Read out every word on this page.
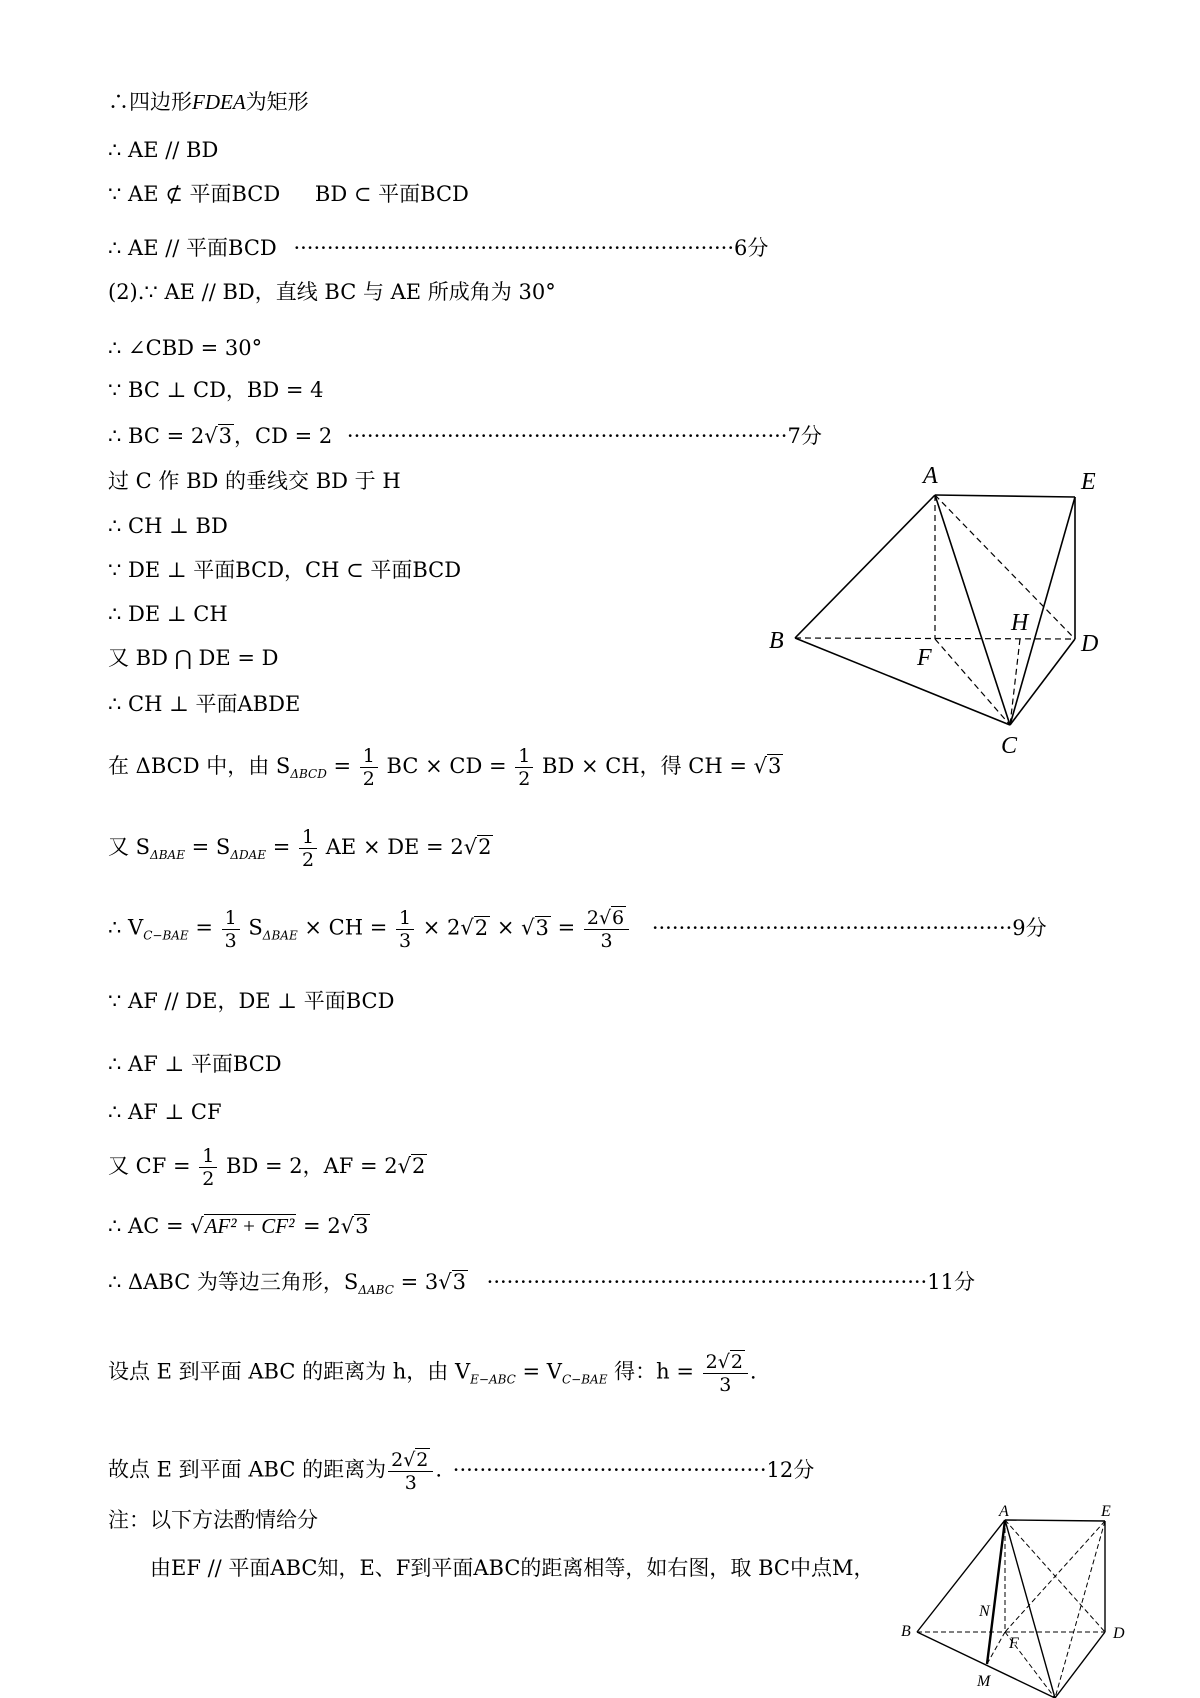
∴四边形FDEA为矩形
∴ AE // BD
∵ AE ⊄ 平面BCD BD ⊂ 平面BCD
∴ AE // 平面BCD ··································································6分
(2).∵ AE // BD，直线 BC 与 AE 所成角为 30°
∴ ∠CBD = 30°
∵ BC ⊥ CD，BD = 4
∴ BC = 2√3，CD = 2 ··································································7分
过 C 作 BD 的垂线交 BD 于 H
∴ CH ⊥ BD
∵ DE ⊥ 平面BCD，CH ⊂ 平面BCD
∴ DE ⊥ CH
又 BD ⋂ DE = D
∴ CH ⊥ 平面ABDE
在 ΔBCD 中，由 $S_{\Delta BCD} = \frac{1}{2}$ BC × CD = $\frac{1}{2}$ BD × CH，得 CH = √3
又 $S_{\Delta BAE} = S_{\Delta DAE} = \frac{1}{2}$ AE × DE = 2√2
∴ $V_{C-BAE} = \frac{1}{3} S_{\Delta BAE}$ × CH = $\frac{1}{3} \times 2√2 \times √3 = \frac{2√6}{3} \cdot\cdot\cdot\cdot\cdot\cdot\cdot\cdot\cdot\cdot\cdot\cdot\cdot\cdot\cdot\cdot\cdot\cdot\cdot\cdot\cdot\cdot\cdot\cdot\cdot\cdot\cdot\cdot\cdot\cdot\cdot\cdot\cdot\cdot\cdot\cdot\cdot\cdot\cdot\cdot\cdot\cdot\cdot\cdot\cdot\cdot\cdot\cdot\cdot\cdot\cdot\cdot\cdot\cdot 9$分
∵ AF // DE，DE ⊥ 平面BCD
∴ AF ⊥ 平面BCD
∴ AF ⊥ CF
又 CF = $\frac{1}{2}$ BD = 2，AF = 2√2
∴ AC = √AF² + CF² = 2√3
∴ ΔABC 为等边三角形，$S_{\Delta ABC} = 3√3 \cdot\cdot\cdot\cdot\cdot\cdot\cdot\cdot\cdot\cdot\cdot\cdot\cdot\cdot\cdot\cdot\cdot\cdot\cdot\cdot\cdot\cdot\cdot\cdot\cdot\cdot\cdot\cdot\cdot\cdot\cdot\cdot\cdot\cdot\cdot\cdot\cdot\cdot\cdot\cdot\cdot\cdot\cdot\cdot\cdot\cdot\cdot\cdot\cdot\cdot\cdot\cdot\cdot\cdot\cdot\cdot\cdot\cdot\cdot\cdot\cdot\cdot\cdot\cdot\cdot\cdot 11$分
设点 E 到平面 ABC 的距离为 h，由 $V_{E-ABC} = V_{C-BAE}$ 得：$h = \frac{2√2}{3}$ .
故点 E 到平面 ABC 的距离为 $\frac{2√2}{3}$ . ···············································12分
注：以下方法酌情给分
由EF // 平面ABC知，E、F到平面ABC的距离相等，如右图，取 BC中点M，
A	E
B
H
D
F
C
A	E
B
N
F
D
M
